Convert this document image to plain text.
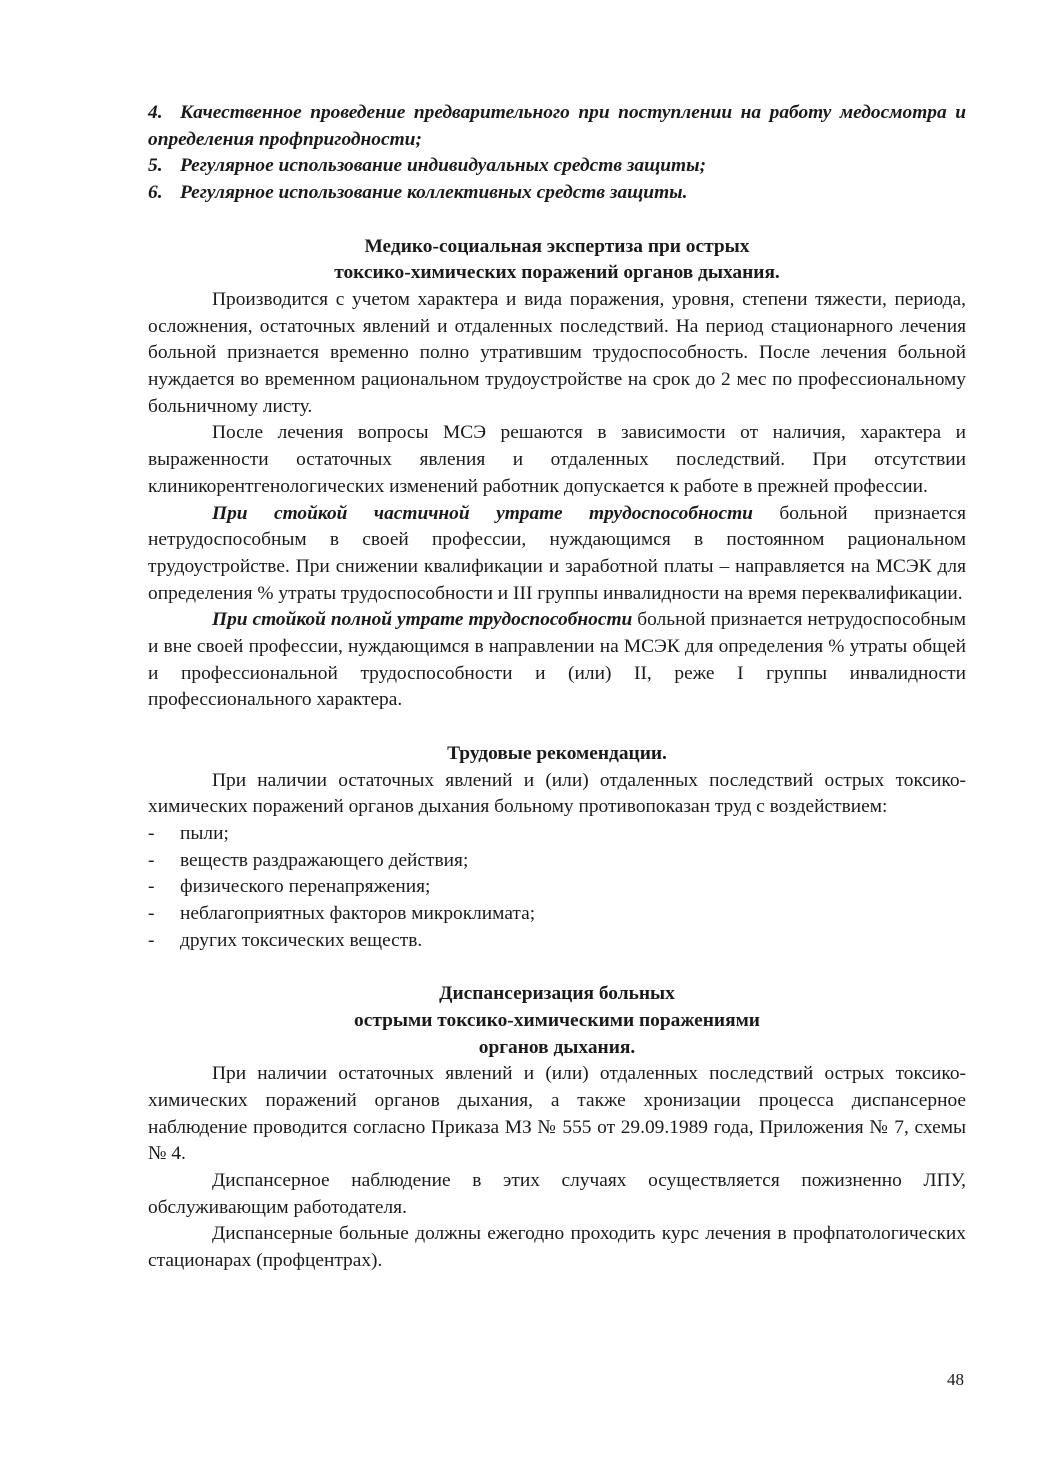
4. Качественное проведение предварительного при поступлении на работу медосмотра и определения профпригодности;
5. Регулярное использование индивидуальных средств защиты;
6. Регулярное использование коллективных средств защиты.
Медико-социальная экспертиза при острых
токсико-химических поражений органов дыхания.

Производится с учетом характера и вида поражения, уровня, степени тяжести, периода, осложнения, остаточных явлений и отдаленных последствий. На период стационарного лечения больной признается временно полно утратившим трудоспособность. После лечения больной нуждается во временном рациональном трудоустройстве на срок до 2 мес по профессиональному больничному листу.

После лечения вопросы МСЭ решаются в зависимости от наличия, характера и выраженности остаточных явления и отдаленных последствий. При отсутствии клиникорентгенологических изменений работник допускается к работе в прежней профессии.

При стойкой частичной утрате трудоспособности больной признается нетрудоспособным в своей профессии, нуждающимся в постоянном рациональном трудоустройстве. При снижении квалификации и заработной платы – направляется на МСЭК для определения % утраты трудоспособности и III группы инвалидности на время переквалификации.

При стойкой полной утрате трудоспособности больной признается нетрудоспособным и вне своей профессии, нуждающимся в направлении на МСЭК для определения % утраты общей и профессиональной трудоспособности и (или) II, реже I группы инвалидности профессионального характера.

Трудовые рекомендации.

При наличии остаточных явлений и (или) отдаленных последствий острых токсико-химических поражений органов дыхания больному противопоказан труд с воздействием:

- пыли;
- веществ раздражающего действия;
- физического перенапряжения;
- неблагоприятных факторов микроклимата;
- других токсических веществ.
Диспансеризация больных
острыми токсико-химическими поражениями
органов дыхания.

При наличии остаточных явлений и (или) отдаленных последствий острых токсико-химических поражений органов дыхания, а также хронизации процесса диспансерное наблюдение проводится согласно Приказа МЗ № 555 от 29.09.1989 года, Приложения № 7, схемы № 4.

Диспансерное наблюдение в этих случаях осуществляется пожизненно ЛПУ, обслуживающим работодателя.

Диспансерные больные должны ежегодно проходить курс лечения в профпатологических стационарах (профцентрах).

48
